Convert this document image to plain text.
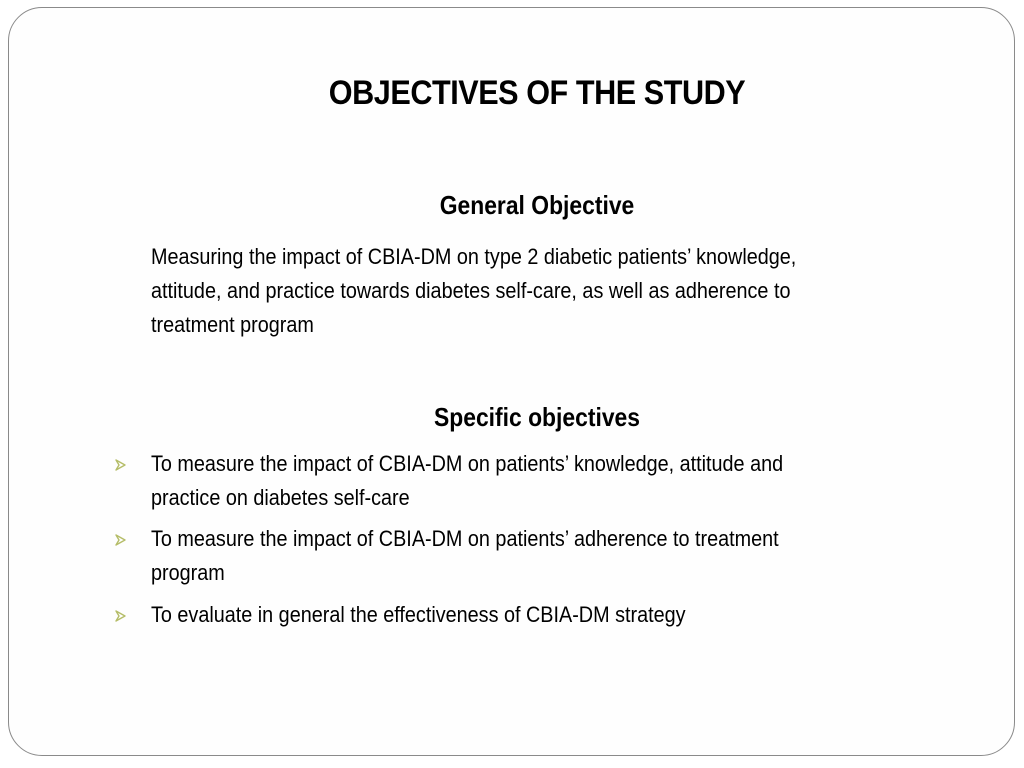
OBJECTIVES OF THE STUDY
General Objective
Measuring the impact of CBIA-DM on type 2 diabetic patients’ knowledge,
attitude, and practice towards diabetes self-care, as well as adherence to
treatment program
Specific objectives
To measure the impact of CBIA-DM on patients’ knowledge, attitude and
practice on diabetes self-care
To measure the impact of CBIA-DM on patients’ adherence to treatment
program
To evaluate in general the effectiveness of CBIA-DM strategy
